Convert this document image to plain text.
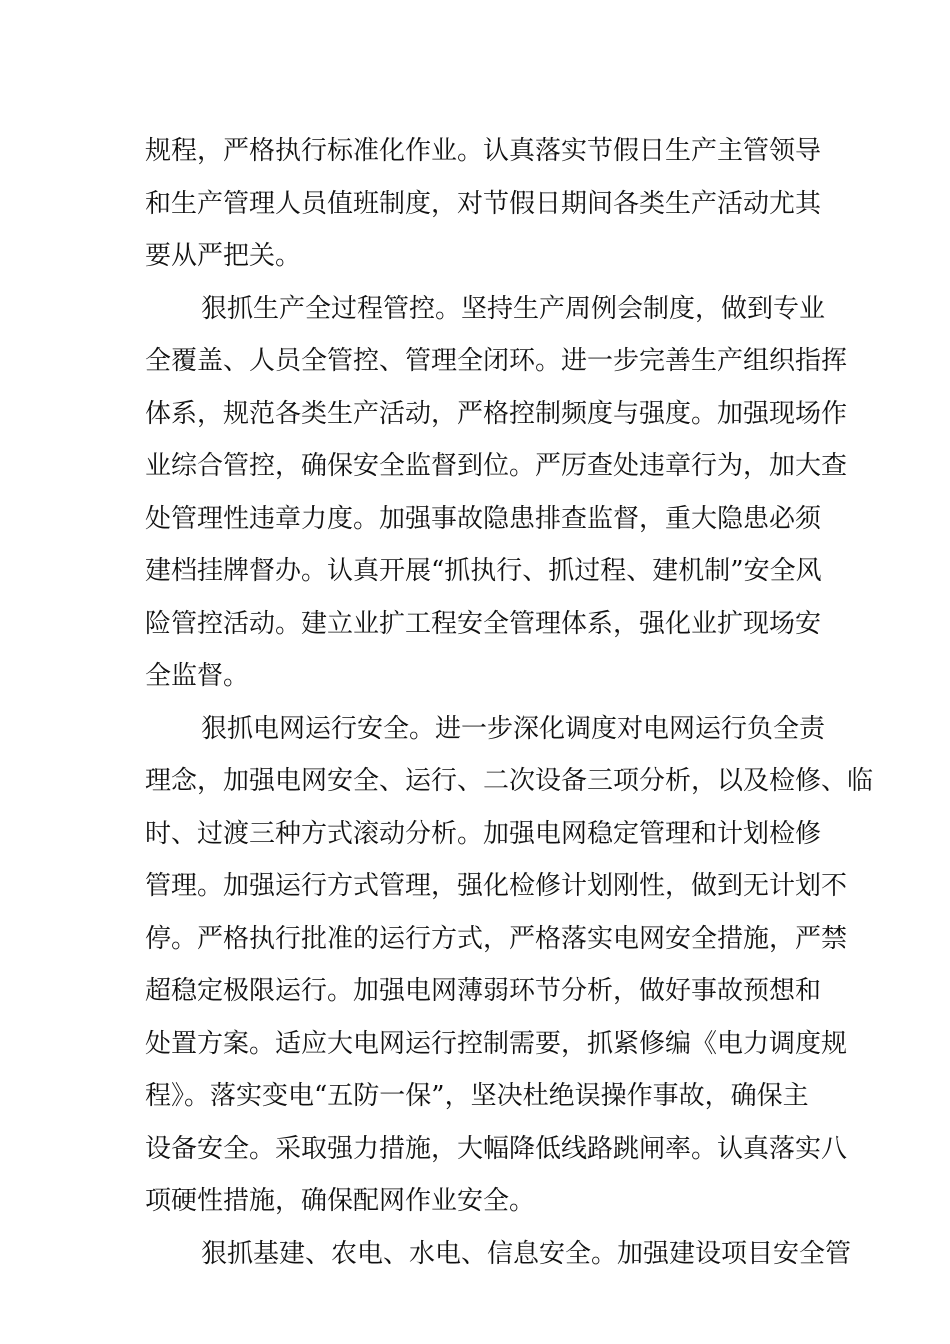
规程，严格执行标准化作业。认真落实节假日生产主管领导
和生产管理人员值班制度，对节假日期间各类生产活动尤其
要从严把关。
狠抓生产全过程管控。坚持生产周例会制度，做到专业
全覆盖、人员全管控、管理全闭环。进一步完善生产组织指挥
体系，规范各类生产活动，严格控制频度与强度。加强现场作
业综合管控，确保安全监督到位。严厉查处违章行为，加大查
处管理性违章力度。加强事故隐患排查监督，重大隐患必须
建档挂牌督办。认真开展“抓执行、抓过程、建机制”安全风
险管控活动。建立业扩工程安全管理体系，强化业扩现场安
全监督。
狠抓电网运行安全。进一步深化调度对电网运行负全责
理念，加强电网安全、运行、二次设备三项分析，以及检修、临
时、过渡三种方式滚动分析。加强电网稳定管理和计划检修
管理。加强运行方式管理，强化检修计划刚性，做到无计划不
停。严格执行批准的运行方式，严格落实电网安全措施，严禁
超稳定极限运行。加强电网薄弱环节分析，做好事故预想和
处置方案。适应大电网运行控制需要，抓紧修编《电力调度规
程》。落实变电“五防一保”，坚决杜绝误操作事故，确保主
设备安全。采取强力措施，大幅降低线路跳闸率。认真落实八
项硬性措施，确保配网作业安全。
狠抓基建、农电、水电、信息安全。加强建设项目安全管
